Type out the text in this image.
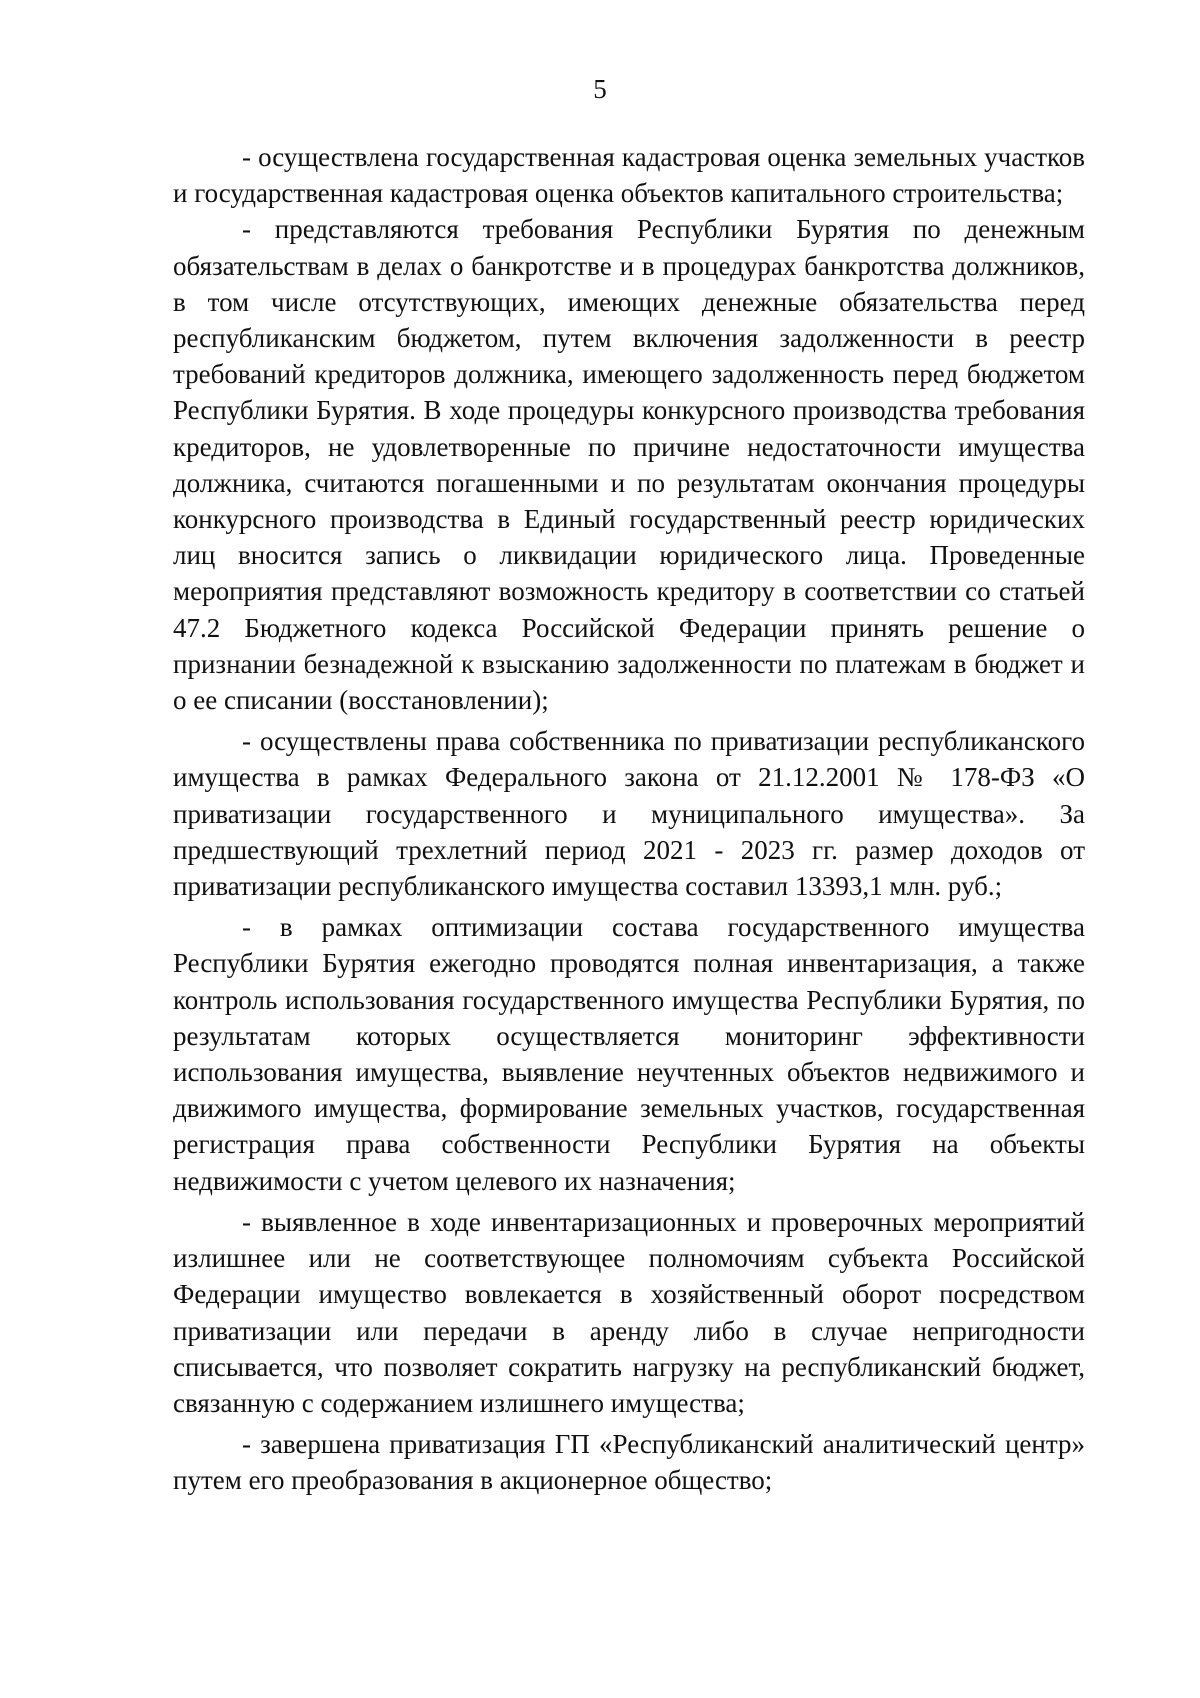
5

- осуществлена государственная кадастровая оценка земельных участков и государственная кадастровая оценка объектов капитального строительства;

- представляются требования Республики Бурятия по денежным обязательствам в делах о банкротстве и в процедурах банкротства должников, в том числе отсутствующих, имеющих денежные обязательства перед республиканским бюджетом, путем включения задолженности в реестр требований кредиторов должника, имеющего задолженность перед бюджетом Республики Бурятия. В ходе процедуры конкурсного производства требования кредиторов, не удовлетворенные по причине недостаточности имущества должника, считаются погашенными и по результатам окончания процедуры конкурсного производства в Единый государственный реестр юридических лиц вносится запись о ликвидации юридического лица. Проведенные мероприятия представляют возможность кредитору в соответствии со статьей 47.2 Бюджетного кодекса Российской Федерации принять решение о признании безнадежной к взысканию задолженности по платежам в бюджет и о ее списании (восстановлении);

- осуществлены права собственника по приватизации республиканского имущества в рамках Федерального закона от 21.12.2001 № 178-ФЗ «О приватизации государственного и муниципального имущества». За предшествующий трехлетний период 2021 - 2023 гг. размер доходов от приватизации республиканского имущества составил 13393,1 млн. руб.;

- в рамках оптимизации состава государственного имущества Республики Бурятия ежегодно проводятся полная инвентаризация, а также контроль использования государственного имущества Республики Бурятия, по результатам которых осуществляется мониторинг эффективности использования имущества, выявление неучтенных объектов недвижимого и движимого имущества, формирование земельных участков, государственная регистрация права собственности Республики Бурятия на объекты недвижимости с учетом целевого их назначения;

- выявленное в ходе инвентаризационных и проверочных мероприятий излишнее или не соответствующее полномочиям субъекта Российской Федерации имущество вовлекается в хозяйственный оборот посредством приватизации или передачи в аренду либо в случае непригодности списывается, что позволяет сократить нагрузку на республиканский бюджет, связанную с содержанием излишнего имущества;

- завершена приватизация ГП «Республиканский аналитический центр» путем его преобразования в акционерное общество;
